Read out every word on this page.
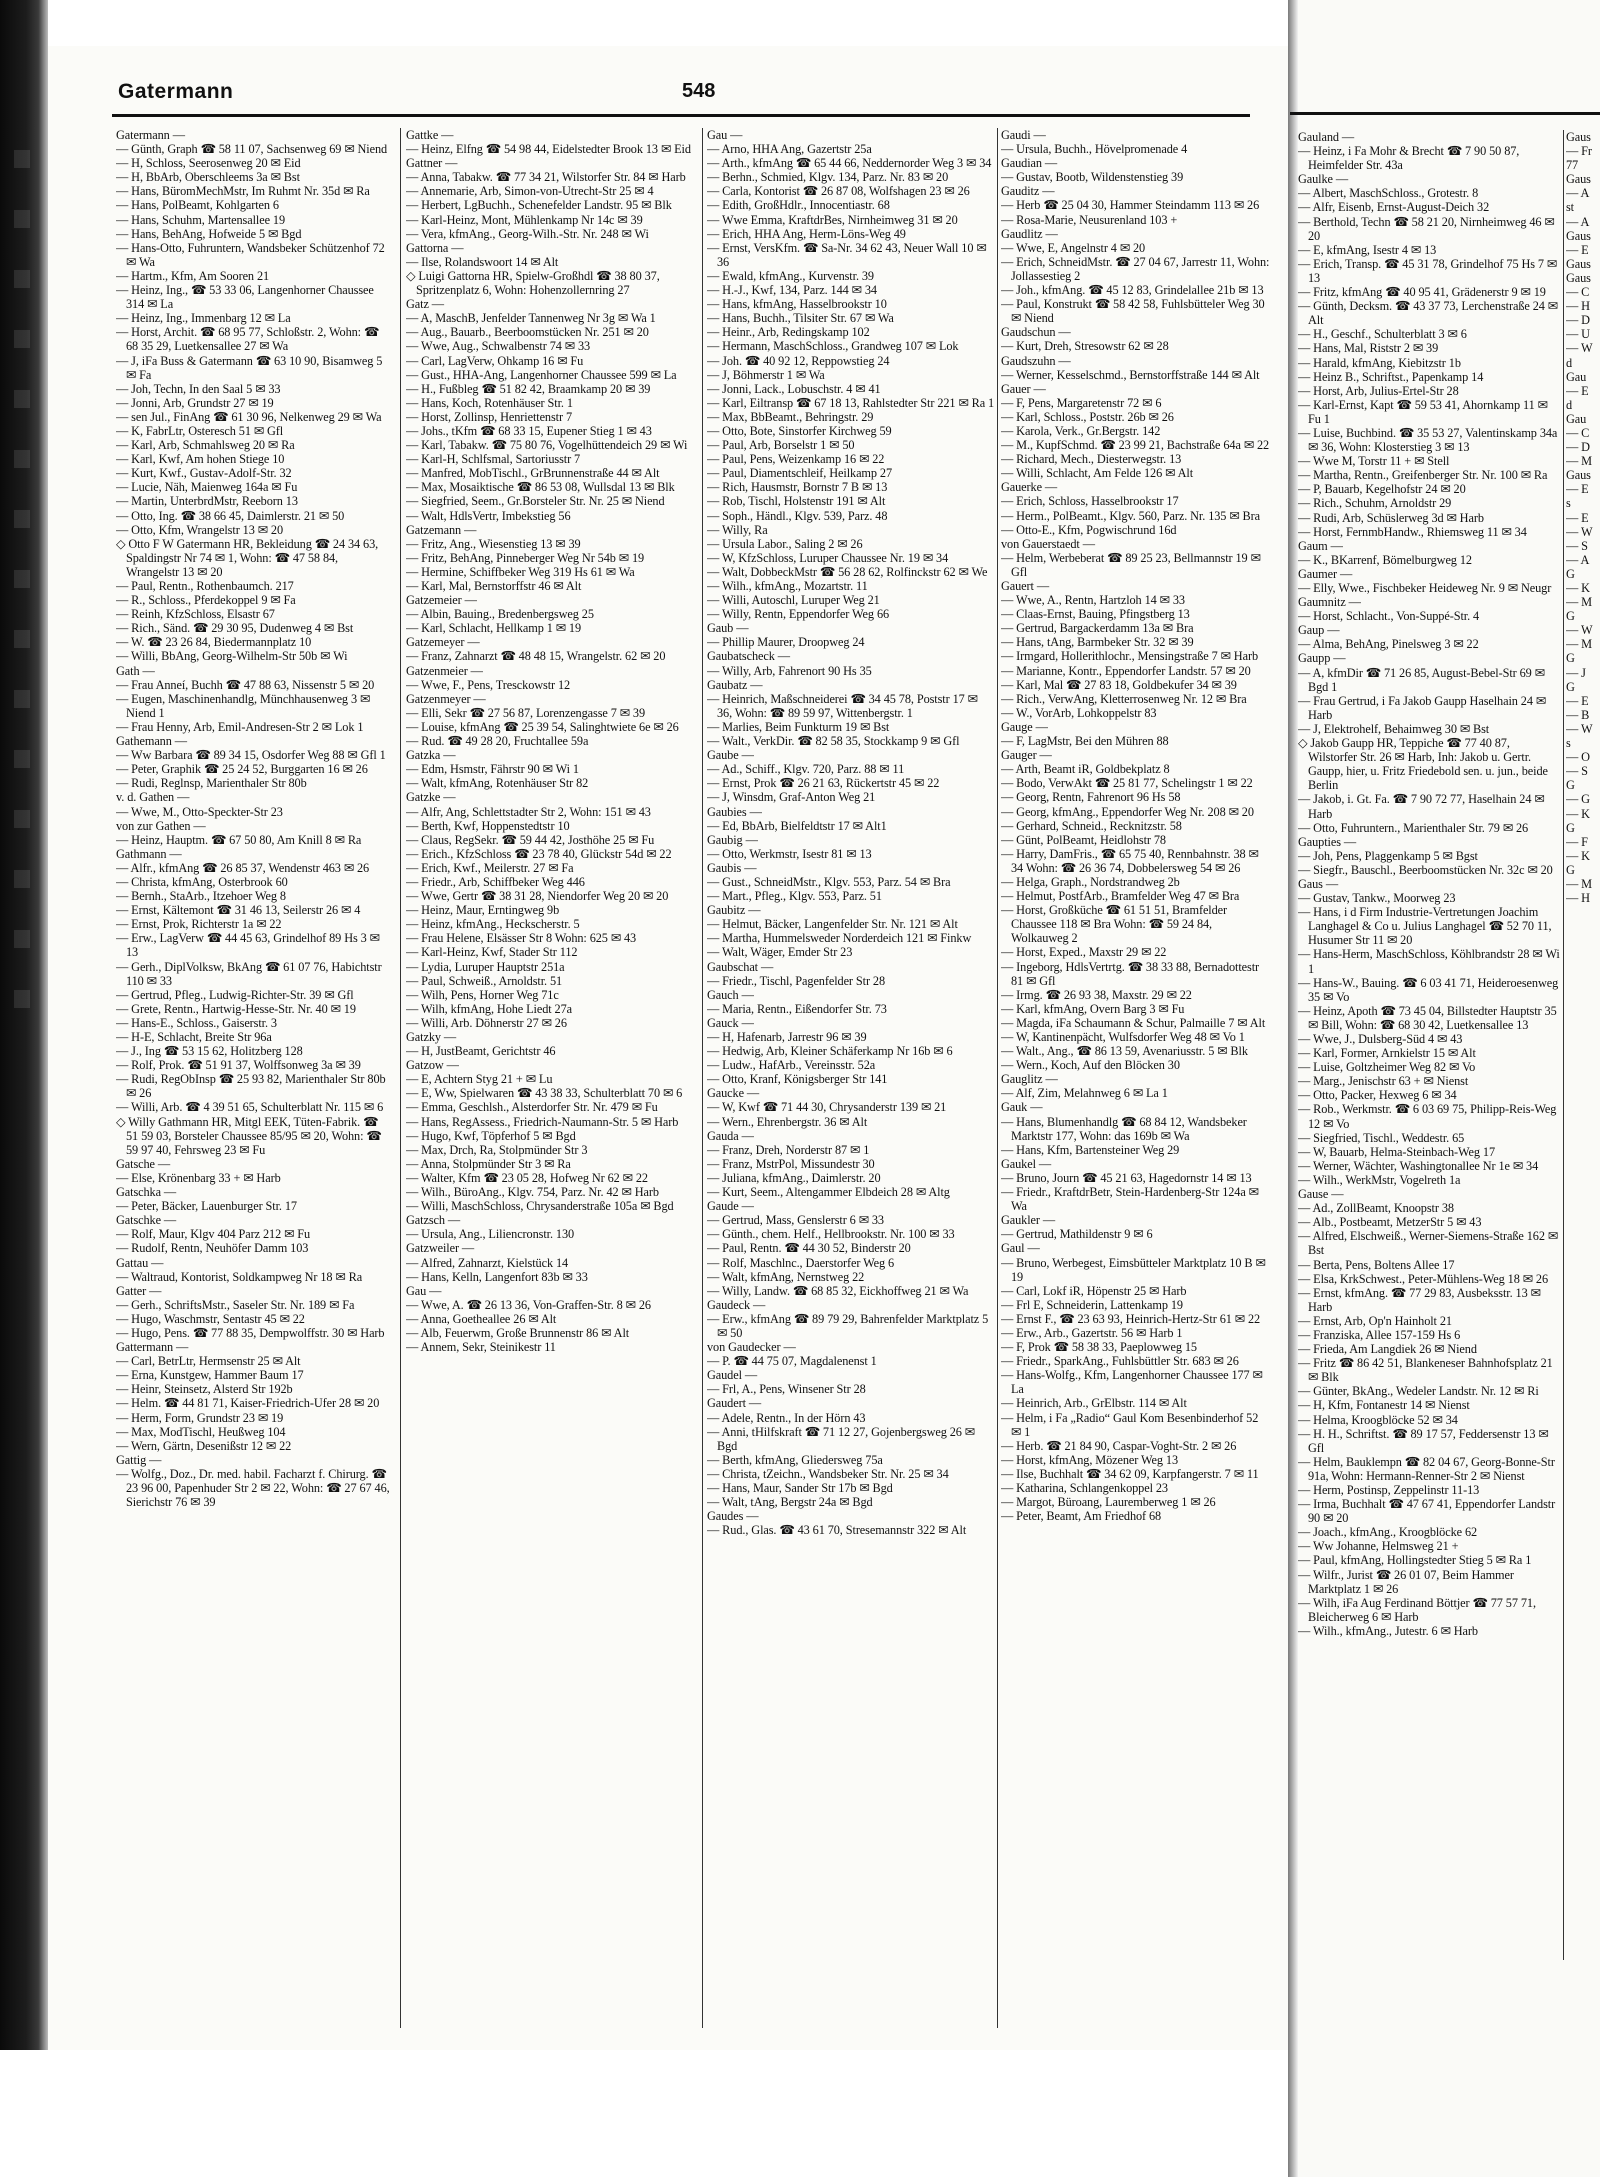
Gatermann	548
Gatermann —
— Günth, Graph ☎ 58 11 07, Sachsenweg 69 ✉ Niend
— H, Schloss, Seerosenweg 20 ✉ Eid
— H, BbArb, Oberschleems 3a ✉ Bst
— Hans, BüromMechMstr, Im Ruhmt Nr. 35d ✉ Ra
— Hans, PolBeamt, Kohlgarten 6
— Hans, Schuhm, Martensallee 19
— Hans, BehAng, Hofweide 5 ✉ Bgd
— Hans-Otto, Fuhruntern, Wandsbeker Schützenhof 72 ✉ Wa
— Hartm., Kfm, Am Sooren 21
— Heinz, Ing., ☎ 53 33 06, Langenhorner Chaussee 314 ✉ La
— Heinz, Ing., Immenbarg 12 ✉ La
— Horst, Archit. ☎ 68 95 77, Schloßstr. 2, Wohn: ☎ 68 35 29, Luetkensallee 27 ✉ Wa
— J, iFa Buss & Gatermann ☎ 63 10 90, Bisamweg 5 ✉ Fa
— Joh, Techn, In den Saal 5 ✉ 33
— Jonni, Arb, Grundstr 27 ✉ 19
— sen Jul., FinAng ☎ 61 30 96, Nelkenweg 29 ✉ Wa
— K, FabrLtr, Osteresch 51 ✉ Gfl
— Karl, Arb, Schmahlsweg 20 ✉ Ra
— Karl, Kwf, Am hohen Stiege 10
— Kurt, Kwf., Gustav-Adolf-Str. 32
— Lucie, Näh, Maienweg 164a ✉ Fu
— Martin, UnterbrdMstr, Reeborn 13
— Otto, Ing. ☎ 38 66 45, Daimlerstr. 21 ✉ 50
— Otto, Kfm, Wrangelstr 13 ✉ 20
◇ Otto F W Gatermann HR, Bekleidung ☎ 24 34 63, Spaldingstr Nr 74 ✉ 1, Wohn: ☎ 47 58 84, Wrangelstr 13 ✉ 20
— Paul, Rentn., Rothenbaumch. 217
— R., Schloss., Pferdekoppel 9 ✉ Fa
— Reinh, KfzSchloss, Elsastr 67
— Rich., Sänd. ☎ 29 30 95, Dudenweg 4 ✉ Bst
— W. ☎ 23 26 84, Biedermannplatz 10
— Willi, BbAng, Georg-Wilhelm-Str 50b ✉ Wi
Gath —
— Frau Anneí, Buchh ☎ 47 88 63, Nissenstr 5 ✉ 20
— Eugen, Maschinenhandlg, Münchhausenweg 3 ✉ Niend 1
— Frau Henny, Arb, Emil-Andresen-Str 2 ✉ Lok 1
Gathemann —
— Ww Barbara ☎ 89 34 15, Osdorfer Weg 88 ✉ Gfl 1
— Peter, Graphik ☎ 25 24 52, Burggarten 16 ✉ 26
— Rudi, Reglnsp, Marienthaler Str 80b
v. d. Gathen —
— Wwe, M., Otto-Speckter-Str 23
von zur Gathen —
— Heinz, Hauptm. ☎ 67 50 80, Am Knill 8 ✉ Ra
Gathmann —
— Alfr., kfmAng ☎ 26 85 37, Wendenstr 463 ✉ 26
— Christa, kfmAng, Osterbrook 60
— Bernh., StaArb., Itzehoer Weg 8
— Ernst, Kältemont ☎ 31 46 13, Seilerstr 26 ✉ 4
— Ernst, Prok, Richterstr 1a ✉ 22
— Erw., LagVerw ☎ 44 45 63, Grindelhof 89 Hs 3 ✉ 13
— Gerh., DiplVolksw, BkAng ☎ 61 07 76, Habichtstr 110 ✉ 33
— Gertrud, Pfleg., Ludwig-Richter-Str. 39 ✉ Gfl
— Grete, Rentn., Hartwig-Hesse-Str. Nr. 40 ✉ 19
— Hans-E., Schloss., Gaiserstr. 3
— H-E, Schlacht, Breite Str 96a
— J., Ing ☎ 53 15 62, Holitzberg 128
— Rolf, Prok. ☎ 51 91 37, Wolffsonweg 3a ✉ 39
— Rudi, RegObInsp ☎ 25 93 82, Marienthaler Str 80b ✉ 26
— Willi, Arb. ☎ 4 39 51 65, Schulterblatt Nr. 115 ✉ 6
◇ Willy Gathmann HR, Mitgl EEK, Tüten-Fabrik. ☎ 51 59 03, Borsteler Chaussee 85/95 ✉ 20, Wohn: ☎ 59 97 40, Fehrsweg 23 ✉ Fu
Gatsche —
— Else, Krönenbarg 33 + ✉ Harb
Gatschka —
— Peter, Bäcker, Lauenburger Str. 17
Gatschke —
— Rolf, Maur, Klgv 404 Parz 212 ✉ Fu
— Rudolf, Rentn, Neuhöfer Damm 103
Gattau —
— Waltraud, Kontorist, Soldkampweg Nr 18 ✉ Ra
Gatter —
— Gerh., SchriftsMstr., Saseler Str. Nr. 189 ✉ Fa
— Hugo, Waschmstr, Sentastr 45 ✉ 22
— Hugo, Pens. ☎ 77 88 35, Dempwolffstr. 30 ✉ Harb
Gattermann —
— Carl, BetrLtr, Hermsenstr 25 ✉ Alt
— Erna, Kunstgew, Hammer Baum 17
— Heinr, Steinsetz, Alsterd Str 192b
— Helm. ☎ 44 81 71, Kaiser-Friedrich-Ufer 28 ✉ 20
— Herm, Form, Grundstr 23 ✉ 19
— Max, ModTischl, Heußweg 104
— Wern, Gärtn, Desenißstr 12 ✉ 22
Gattig —
— Wolfg., Doz., Dr. med. habil. Facharzt f. Chirurg. ☎ 23 96 00, Papenhuder Str 2 ✉ 22, Wohn: ☎ 27 67 46, Sierichstr 76 ✉ 39
Gattke —
— Heinz, Elfng ☎ 54 98 44, Eidelstedter Brook 13 ✉ Eid
Gattner —
— Anna, Tabakw. ☎ 77 34 21, Wilstorfer Str. 84 ✉ Harb
— Annemarie, Arb, Simon-von-Utrecht-Str 25 ✉ 4
— Herbert, LgBuchh., Schenefelder Landstr. 95 ✉ Blk
— Karl-Heinz, Mont, Mühlenkamp Nr 14c ✉ 39
— Vera, kfmAng., Georg-Wilh.-Str. Nr. 248 ✉ Wi
Gattorna —
— Ilse, Rolandswoort 14 ✉ Alt
◇ Luigi Gattorna HR, Spielw-Großhdl ☎ 38 80 37, Spritzenplatz 6, Wohn: Hohenzollernring 27
Gatz —
— A, MaschB, Jenfelder Tannenweg Nr 3g ✉ Wa 1
— Aug., Bauarb., Beerboomstücken Nr. 251 ✉ 20
— Wwe, Aug., Schwalbenstr 74 ✉ 33
— Carl, LagVerw, Ohkamp 16 ✉ Fu
— Gust., HHA-Ang, Langenhorner Chaussee 599 ✉ La
— H., Fußbleg ☎ 51 82 42, Braamkamp 20 ✉ 39
— Hans, Koch, Rotenhäuser Str. 1
— Horst, Zollinsp, Henriettenstr 7
— Johs., tKfm ☎ 68 33 15, Eupener Stieg 1 ✉ 43
— Karl, Tabakw. ☎ 75 80 76, Vogelhüttendeich 29 ✉ Wi
— Karl-H, Schlfsmal, Sartoriusstr 7
— Manfred, MobTischl., GrBrunnenstraße 44 ✉ Alt
— Max, Mosaiktische ☎ 86 53 08, Wullsdal 13 ✉ Blk
— Siegfried, Seem., Gr.Borsteler Str. Nr. 25 ✉ Niend
— Walt, HdlsVertr, Imbekstieg 56
Gatzemann —
— Fritz, Ang., Wiesenstieg 13 ✉ 39
— Fritz, BehAng, Pinneberger Weg Nr 54b ✉ 19
— Hermine, Schiffbeker Weg 319 Hs 61 ✉ Wa
— Karl, Mal, Bernstorffstr 46 ✉ Alt
Gatzemeier —
— Albin, Bauing., Bredenbergsweg 25
— Karl, Schlacht, Hellkamp 1 ✉ 19
Gatzemeyer —
— Franz, Zahnarzt ☎ 48 48 15, Wrangelstr. 62 ✉ 20
Gatzenmeier —
— Wwe, F., Pens, Tresckowstr 12
Gatzenmeyer —
— Elli, Sekr ☎ 27 56 87, Lorenzengasse 7 ✉ 39
— Louise, kfmAng ☎ 25 39 54, Salinghtwiete 6e ✉ 26
— Rud. ☎ 49 28 20, Fruchtallee 59a
Gatzka —
— Edm, Hsmstr, Fährstr 90 ✉ Wi 1
— Walt, kfmAng, Rotenhäuser Str 82
Gatzke —
— Alfr, Ang, Schlettstadter Str 2, Wohn: 151 ✉ 43
— Berth, Kwf, Hoppenstedtstr 10
— Claus, RegSekr. ☎ 59 44 42, Josthöhe 25 ✉ Fu
— Erich., KfzSchloss ☎ 23 78 40, Glückstr 54d ✉ 22
— Erich, Kwf., Meilerstr. 27 ✉ Fa
— Friedr., Arb, Schiffbeker Weg 446
— Wwe, Gertr ☎ 38 31 28, Niendorfer Weg 20 ✉ 20
— Heinz, Maur, Erntingweg 9b
— Heinz, kfmAng., Heckscherstr. 5
— Frau Helene, Elsässer Str 8 Wohn: 625 ✉ 43
— Karl-Heinz, Kwf, Stader Str 112
— Lydia, Luruper Hauptstr 251a
— Paul, Schweiß., Arnoldstr. 51
— Wilh, Pens, Horner Weg 71c
— Wilh, kfmAng, Hohe Liedt 27a
— Willi, Arb. Döhnerstr 27 ✉ 26
Gatzky —
— H, JustBeamt, Gerichtstr 46
Gatzow —
— E, Achtern Styg 21 + ✉ Lu
— E, Ww, Spielwaren ☎ 43 38 33, Schulterblatt 70 ✉ 6
— Emma, Geschlsh., Alsterdorfer Str. Nr. 479 ✉ Fu
— Hans, RegAssess., Friedrich-Naumann-Str. 5 ✉ Harb
— Hugo, Kwf, Töpferhof 5 ✉ Bgd
— Max, Drch, Ra, Stolpmünder Str 3
— Anna, Stolpmünder Str 3 ✉ Ra
— Walter, Kfm ☎ 23 05 28, Hofweg Nr 62 ✉ 22
— Wilh., BüroAng., Klgv. 754, Parz. Nr. 42 ✉ Harb
— Willi, MaschSchloss, Chrysanderstraße 105a ✉ Bgd
Gatzsch —
— Ursula, Ang., Liliencronstr. 130
Gatzweiler —
— Alfred, Zahnarzt, Kielstück 14
— Hans, Kelln, Langenfort 83b ✉ 33
Gau —
— Wwe, A. ☎ 26 13 36, Von-Graffen-Str. 8 ✉ 26
— Anna, Goetheallee 26 ✉ Alt
— Alb, Feuerwm, Große Brunnenstr 86 ✉ Alt
— Annem, Sekr, Steinikestr 11
Gau —
— Arno, HHA Ang, Gazertstr 25a
— Arth., kfmAng ☎ 65 44 66, Neddernorder Weg 3 ✉ 34
— Berhn., Schmied, Klgv. 134, Parz. Nr. 83 ✉ 20
— Carla, Kontorist ☎ 26 87 08, Wolfshagen 23 ✉ 26
— Edith, GroßHdlr., Innocentiastr. 68
— Wwe Emma, KraftdrBes, Nirnheimweg 31 ✉ 20
— Erich, HHA Ang, Herm-Löns-Weg 49
— Ernst, VersKfm. ☎ Sa-Nr. 34 62 43, Neuer Wall 10 ✉ 36
— Ewald, kfmAng., Kurvenstr. 39
— H.-J., Kwf, 134, Parz. 144 ✉ 34
— Hans, kfmAng, Hasselbrookstr 10
— Hans, Buchh., Tilsiter Str. 67 ✉ Wa
— Heinr., Arb, Redingskamp 102
— Hermann, MaschSchloss., Grandweg 107 ✉ Lok
— Joh. ☎ 40 92 12, Reppowstieg 24
— J, Böhmerstr 1 ✉ Wa
— Jonni, Lack., Lobuschstr. 4 ✉ 41
— Karl, Eiltransp ☎ 67 18 13, Rahlstedter Str 221 ✉ Ra 1
— Max, BbBeamt., Behringstr. 29
— Otto, Bote, Sinstorfer Kirchweg 59
— Paul, Arb, Borselstr 1 ✉ 50
— Paul, Pens, Weizenkamp 16 ✉ 22
— Paul, Diamentschleif, Heilkamp 27
— Rich, Hausmstr, Bornstr 7 B ✉ 13
— Rob, Tischl, Holstenstr 191 ✉ Alt
— Soph., Händl., Klgv. 539, Parz. 48
— Willy, Ra
— Ursula Labor., Saling 2 ✉ 26
— W, KfzSchloss, Luruper Chaussee Nr. 19 ✉ 34
— Walt, DobbeckMstr ☎ 56 28 62, Rolfinckstr 62 ✉ We
— Wilh., kfmAng., Mozartstr. 11
— Willi, Autoschl, Luruper Weg 21
— Willy, Rentn, Eppendorfer Weg 66
Gaub —
— Phillip Maurer, Droopweg 24
Gaubatscheck —
— Willy, Arb, Fahrenort 90 Hs 35
Gaubatz —
— Heinrich, Maßschneiderei ☎ 34 45 78, Poststr 17 ✉ 36, Wohn: ☎ 89 59 97, Wittenbergstr. 1
— Marlies, Beim Funkturm 19 ✉ Bst
— Walt., VerkDir. ☎ 82 58 35, Stockkamp 9 ✉ Gfl
Gaube —
— Ad., Schiff., Klgv. 720, Parz. 88 ✉ 11
— Ernst, Prok ☎ 26 21 63, Rückertstr 45 ✉ 22
— J, Winsdm, Graf-Anton Weg 21
Gaubies —
— Ed, BbArb, Bielfeldtstr 17 ✉ Alt1
Gaubig —
— Otto, Werkmstr, Isestr 81 ✉ 13
Gaubis —
— Gust., SchneidMstr., Klgv. 553, Parz. 54 ✉ Bra
— Mart., Pfleg., Klgv. 553, Parz. 51
Gaubitz —
— Helmut, Bäcker, Langenfelder Str. Nr. 121 ✉ Alt
— Martha, Hummelsweder Norderdeich 121 ✉ Finkw
— Walt, Wäger, Emder Str 23
Gaubschat —
— Friedr., Tischl, Pagenfelder Str 28
Gauch —
— Maria, Rentn., Eißendorfer Str. 73
Gauck —
— H, Hafenarb, Jarrestr 96 ✉ 39
— Hedwig, Arb, Kleiner Schäferkamp Nr 16b ✉ 6
— Ludw., HafArb., Vereinsstr. 52a
— Otto, Kranf, Königsberger Str 141
Gaucke —
— W, Kwf ☎ 71 44 30, Chrysanderstr 139 ✉ 21
— Wern., Ehrenbergstr. 36 ✉ Alt
Gauda —
— Franz, Dreh, Norderstr 87 ✉ 1
— Franz, MstrPol, Missundestr 30
— Juliana, kfmAng., Daimlerstr. 20
— Kurt, Seem., Altengammer Elbdeich 28 ✉ Altg
Gaude —
— Gertrud, Mass, Genslerstr 6 ✉ 33
— Günth., chem. Helf., Hellbrookstr. Nr. 100 ✉ 33
— Paul, Rentn. ☎ 44 30 52, Binderstr 20
— Rolf, Maschlnc., Daerstorfer Weg 6
— Walt, kfmAng, Nernstweg 22
— Willy, Landw. ☎ 68 85 32, Eickhoffweg 21 ✉ Wa
Gaudeck —
— Erw., kfmAng ☎ 89 79 29, Bahrenfelder Marktplatz 5 ✉ 50
von Gaudecker —
— P. ☎ 44 75 07, Magdalenenst 1
Gaudel —
— Frl, A., Pens, Winsener Str 28
Gaudert —
— Adele, Rentn., In der Hörn 43
— Anni, tHilfskraft ☎ 71 12 27, Gojenbergsweg 26 ✉ Bgd
— Berth, kfmAng, Gliedersweg 75a
— Christa, tZeichn., Wandsbeker Str. Nr. 25 ✉ 34
— Hans, Maur, Sander Str 17b ✉ Bgd
— Walt, tAng, Bergstr 24a ✉ Bgd
Gaudes —
— Rud., Glas. ☎ 43 61 70, Stresemannstr 322 ✉ Alt
Gaudi —
— Ursula, Buchh., Hövelpromenade 4
Gaudian —
— Gustav, Bootb, Wildenstenstieg 39
Gauditz —
— Herb ☎ 25 04 30, Hammer Steindamm 113 ✉ 26
— Rosa-Marie, Neusurenland 103 +
Gaudlitz —
— Wwe, E, Angelnstr 4 ✉ 20
— Erich, SchneidMstr. ☎ 27 04 67, Jarrestr 11, Wohn: Jollassestieg 2
— Joh., kfmAng. ☎ 45 12 83, Grindelallee 21b ✉ 13
— Paul, Konstrukt ☎ 58 42 58, Fuhlsbütteler Weg 30 ✉ Niend
Gaudschun —
— Kurt, Dreh, Stresowstr 62 ✉ 28
Gaudszuhn —
— Werner, Kesselschmd., Bernstorffstraße 144 ✉ Alt
Gauer —
— F, Pens, Margaretenstr 72 ✉ 6
— Karl, Schloss., Poststr. 26b ✉ 26
— Karola, Verk., Gr.Bergstr. 142
— M., KupfSchmd. ☎ 23 99 21, Bachstraße 64a ✉ 22
— Richard, Mech., Diesterwegstr. 13
— Willi, Schlacht, Am Felde 126 ✉ Alt
Gauerke —
— Erich, Schloss, Hasselbrookstr 17
— Herm., PolBeamt., Klgv. 560, Parz. Nr. 135 ✉ Bra
— Otto-E., Kfm, Pogwischrund 16d
von Gauerstaedt —
— Helm, Werbeberat ☎ 89 25 23, Bellmannstr 19 ✉ Gfl
Gauert —
— Wwe, A., Rentn, Hartzloh 14 ✉ 33
— Claas-Ernst, Bauing, Pfingstberg 13
— Gertrud, Bargackerdamm 13a ✉ Bra
— Hans, tAng, Barmbeker Str. 32 ✉ 39
— Irmgard, Hollerithlochr., Mensingstraße 7 ✉ Harb
— Marianne, Kontr., Eppendorfer Landstr. 57 ✉ 20
— Karl, Mal ☎ 27 83 18, Goldbekufer 34 ✉ 39
— Rich., VerwAng, Kletterrosenweg Nr. 12 ✉ Bra
— W., VorArb, Lohkoppelstr 83
Gauge —
— F, LagMstr, Bei den Mühren 88
Gauger —
— Arth, Beamt iR, Goldbekplatz 8
— Bodo, VerwAkt ☎ 25 81 77, Schelingstr 1 ✉ 22
— Georg, Rentn, Fahrenort 96 Hs 58
— Georg, kfmAng., Eppendorfer Weg Nr. 208 ✉ 20
— Gerhard, Schneid., Recknitzstr. 58
— Günt, PolBeamt, Heidlohstr 78
— Harry, DamFris., ☎ 65 75 40, Rennbahnstr. 38 ✉ 34 Wohn: ☎ 26 36 74, Dobbelersweg 54 ✉ 26
— Helga, Graph., Nordstrandweg 2b
— Helmut, PostfArb., Bramfelder Weg 47 ✉ Bra
— Horst, Großküche ☎ 61 51 51, Bramfelder Chaussee 118 ✉ Bra Wohn: ☎ 59 24 84, Wolkauweg 2
— Horst, Exped., Maxstr 29 ✉ 22
— Ingeborg, HdlsVertrtg. ☎ 38 33 88, Bernadottestr 81 ✉ Gfl
— Irmg. ☎ 26 93 38, Maxstr. 29 ✉ 22
— Karl, kfmAng, Overn Barg 3 ✉ Fu
— Magda, iFa Schaumann & Schur, Palmaille 7 ✉ Alt
— W, Kantinenpächt, Wulfsdorfer Weg 48 ✉ Vo 1
— Walt., Ang., ☎ 86 13 59, Avenariusstr. 5 ✉ Blk
— Wern., Koch, Auf den Blöcken 30
Gauglitz —
— Alf, Zim, Melahnweg 6 ✉ La 1
Gauk —
— Hans, Blumenhandlg ☎ 68 84 12, Wandsbeker Marktstr 177, Wohn: das 169b ✉ Wa
— Hans, Kfm, Bartensteiner Weg 29
Gaukel —
— Bruno, Journ ☎ 45 21 63, Hagedornstr 14 ✉ 13
— Friedr., KraftdrBetr, Stein-Hardenberg-Str 124a ✉ Wa
Gaukler —
— Gertrud, Mathildenstr 9 ✉ 6
Gaul —
— Bruno, Werbegest, Eimsbütteler Marktplatz 10 B ✉ 19
— Carl, Lokf iR, Höpenstr 25 ✉ Harb
— Frl E, Schneiderin, Lattenkamp 19
— Ernst F., ☎ 23 63 93, Heinrich-Hertz-Str 61 ✉ 22
— Erw., Arb., Gazertstr. 56 ✉ Harb 1
— F, Prok ☎ 58 38 33, Paeplowweg 15
— Friedr., SparkAng., Fuhlsbüttler Str. 683 ✉ 26
— Hans-Wolfg., Kfm, Langenhorner Chaussee 177 ✉ La
— Heinrich, Arb., GrElbstr. 114 ✉ Alt
— Helm, i Fa „Radio“ Gaul Kom Besenbinderhof 52 ✉ 1
— Herb. ☎ 21 84 90, Caspar-Voght-Str. 2 ✉ 26
— Horst, kfmAng, Mözener Weg 13
— Ilse, Buchhalt ☎ 34 62 09, Karpfangerstr. 7 ✉ 11
— Katharina, Schlangenkoppel 23
— Margot, Büroang, Lauremberweg 1 ✉ 26
— Peter, Beamt, Am Friedhof 68
Gauland —
— Heinz, i Fa Mohr & Brecht ☎ 7 90 50 87, Heimfelder Str. 43a
Gaulke —
— Albert, MaschSchloss., Grotestr. 8
— Alfr, Eisenb, Ernst-August-Deich 32
— Berthold, Techn ☎ 58 21 20, Nirnheimweg 46 ✉ 20
— E, kfmAng, Isestr 4 ✉ 13
— Erich, Transp. ☎ 45 31 78, Grindelhof 75 Hs 7 ✉ 13
— Fritz, kfmAng ☎ 40 95 41, Grädenerstr 9 ✉ 19
— Günth, Decksm. ☎ 43 37 73, Lerchenstraße 24 ✉ Alt
— H., Geschf., Schulterblatt 3 ✉ 6
— Hans, Mal, Riststr 2 ✉ 39
— Harald, kfmAng, Kiebitzstr 1b
— Heinz B., Schriftst., Papenkamp 14
— Horst, Arb, Julius-Ertel-Str 28
— Karl-Ernst, Kapt ☎ 59 53 41, Ahornkamp 11 ✉ Fu 1
— Luise, Buchbind. ☎ 35 53 27, Valentinskamp 34a ✉ 36, Wohn: Klosterstieg 3 ✉ 13
— Wwe M, Torstr 11 + ✉ Stell
— Martha, Rentn., Greifenberger Str. Nr. 100 ✉ Ra
— P, Bauarb, Kegelhofstr 24 ✉ 20
— Rich., Schuhm, Arnoldstr 29
— Rudi, Arb, Schüslerweg 3d ✉ Harb
— Horst, FernmbHandw., Rhiemsweg 11 ✉ 34
Gaum —
— K., BKarrenf, Bömelburgweg 12
Gaumer —
— Elly, Wwe., Fischbeker Heideweg Nr. 9 ✉ Neugr
Gaumnitz —
— Horst, Schlacht., Von-Suppé-Str. 4
Gaup —
— Alma, BehAng, Pinelsweg 3 ✉ 22
Gaupp —
— A, kfmDir ☎ 71 26 85, August-Bebel-Str 69 ✉ Bgd 1
— Frau Gertrud, i Fa Jakob Gaupp Haselhain 24 ✉ Harb
— J, Elektrohelf, Behaimweg 30 ✉ Bst
◇ Jakob Gaupp HR, Teppiche ☎ 77 40 87, Wilstorfer Str. 26 ✉ Harb, Inh: Jakob u. Gertr. Gaupp, hier, u. Fritz Friedebold sen. u. jun., beide Berlin
— Jakob, i. Gt. Fa. ☎ 7 90 72 77, Haselhain 24 ✉ Harb
— Otto, Fuhruntern., Marienthaler Str. 79 ✉ 26
Gaupties —
— Joh, Pens, Plaggenkamp 5 ✉ Bgst
— Siegfr., Bauschl., Beerboomstücken Nr. 32c ✉ 20
Gaus —
— Gustav, Tankw., Moorweg 23
— Hans, i d Firm Industrie-Vertretungen Joachim Langhagel & Co u. Julius Langhagel ☎ 52 70 11, Husumer Str 11 ✉ 20
— Hans-Herm, MaschSchloss, Köhlbrandstr 28 ✉ Wi 1
— Hans-W., Bauing. ☎ 6 03 41 71, Heideroesenweg 35 ✉ Vo
— Heinz, Apoth ☎ 73 45 04, Billstedter Hauptstr 35 ✉ Bill, Wohn: ☎ 68 30 42, Luetkensallee 13
— Wwe, J., Dulsberg-Süd 4 ✉ 43
— Karl, Former, Arnkielstr 15 ✉ Alt
— Luise, Goltzheimer Weg 82 ✉ Vo
— Marg., Jenischstr 63 + ✉ Nienst
— Otto, Packer, Hexweg 6 ✉ 34
— Rob., Werkmstr. ☎ 6 03 69 75, Philipp-Reis-Weg 12 ✉ Vo
— Siegfried, Tischl., Weddestr. 65
— W, Bauarb, Helma-Steinbach-Weg 17
— Werner, Wächter, Washingtonallee Nr 1e ✉ 34
— Wilh., WerkMstr, Vogelreth 1a
Gause —
— Ad., ZollBeamt, Knoopstr 38
— Alb., Postbeamt, MetzerStr 5 ✉ 43
— Alfred, Elschweiß., Werner-Siemens-Straße 162 ✉ Bst
— Berta, Pens, Boltens Allee 17
— Elsa, KrkSchwest., Peter-Mühlens-Weg 18 ✉ 26
— Ernst, kfmAng. ☎ 77 29 83, Ausbeksstr. 13 ✉ Harb
— Ernst, Arb, Op'n Hainholt 21
— Franziska, Allee 157-159 Hs 6
— Frieda, Am Langdiek 26 ✉ Niend
— Fritz ☎ 86 42 51, Blankeneser Bahnhofsplatz 21 ✉ Blk
— Günter, BkAng., Wedeler Landstr. Nr. 12 ✉ Ri
— H, Kfm, Fontanestr 14 ✉ Nienst
— Helma, Kroogblöcke 52 ✉ 34
— H. H., Schriftst. ☎ 89 17 57, Feddersenstr 13 ✉ Gfl
— Helm, Bauklempn ☎ 82 04 67, Georg-Bonne-Str 91a, Wohn: Hermann-Renner-Str 2 ✉ Nienst
— Herm, Postinsp, Zeppelinstr 11-13
— Irma, Buchhalt ☎ 47 67 41, Eppendorfer Landstr 90 ✉ 20
— Joach., kfmAng., Kroogblöcke 62
— Ww Johanne, Helmsweg 21 +
— Paul, kfmAng, Hollingstedter Stieg 5 ✉ Ra 1
— Wilfr., Jurist ☎ 26 01 07, Beim Hammer Marktplatz 1 ✉ 26
— Wilh, iFa Aug Ferdinand Böttjer ☎ 77 57 71, Bleicherweg 6 ✉ Harb
— Wilh., kfmAng., Jutestr. 6 ✉ Harb
Gaus
— Fr
77
Gaus
— A
st
— A
Gaus
— E
Gaus
Gaus
— C
— H
— D
— U
— W
d
Gau
— E
d
Gau
— C
— D
— M
Gaus
— E
s
— E
— W
— S
— A
G
— K
— M
G
— W
— M
G
— J
G
— E
— B
— W
s
— O
— S
G
— G
— K
G
— F
— K
G
— M
— H
